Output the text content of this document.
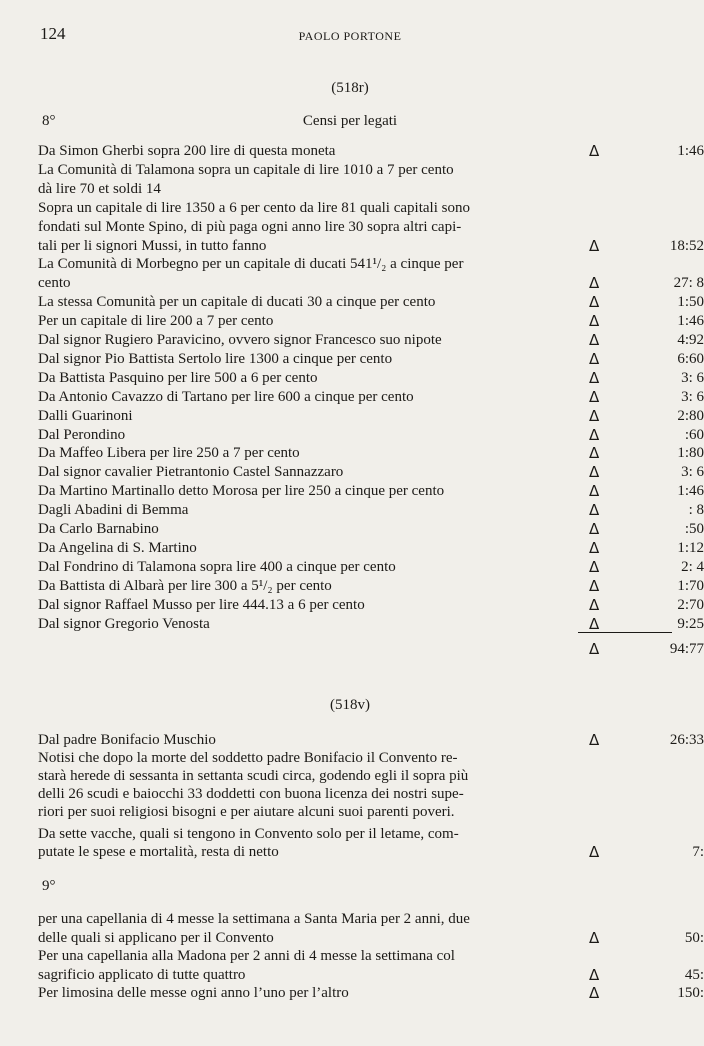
124	PAOLO PORTONE
(518r)
8°	Censi per legati
Da Simon Gherbi sopra 200 lire di questa moneta	Δ	1:46
La Comunità di Talamona sopra un capitale di lire 1010 a 7 per cento
dà lire 70 et soldi 14
Sopra un capitale di lire 1350 a 6 per cento da lire 81 quali capitali sono
fondati sul Monte Spino, di più paga ogni anno lire 30 sopra altri capi-
tali per li signori Mussi, in tutto fanno	Δ	18:52
La Comunità di Morbegno per un capitale di ducati 541¹/₂ a cinque per
cento	Δ	27: 8
La stessa Comunità per un capitale di ducati 30 a cinque per cento	Δ	1:50
Per un capitale di lire 200 a 7 per cento	Δ	1:46
Dal signor Rugiero Paravicino, ovvero signor Francesco suo nipote	Δ	4:92
Dal signor Pio Battista Sertolo lire 1300 a cinque per cento	Δ	6:60
Da Battista Pasquino per lire 500 a 6 per cento	Δ	3: 6
Da Antonio Cavazzo di Tartano per lire 600 a cinque per cento	Δ	3: 6
Dalli Guarinoni	Δ	2:80
Dal Perondino	Δ	:60
Da Maffeo Libera per lire 250 a 7 per cento	Δ	1:80
Dal signor cavalier Pietrantonio Castel Sannazzaro	Δ	3: 6
Da Martino Martinallo detto Morosa per lire 250 a cinque per cento	Δ	1:46
Dagli Abadini di Bemma	Δ	: 8
Da Carlo Barnabino	Δ	:50
Da Angelina di S. Martino	Δ	1:12
Dal Fondrino di Talamona sopra lire 400 a cinque per cento	Δ	2: 4
Da Battista di Albarà per lire 300 a 5¹/₂ per cento	Δ	1:70
Dal signor Raffael Musso per lire 444.13 a 6 per cento	Δ	2:70
Dal signor Gregorio Venosta	Δ	9:25
Δ	94:77
(518v)
Dal padre Bonifacio Muschio	Δ	26:33
Notisi che dopo la morte del soddetto padre Bonifacio il Convento re-
starà herede di sessanta in settanta scudi circa, godendo egli il sopra più
delli 26 scudi e baiocchi 33 doddetti con buona licenza dei nostri supe-
riori per suoi religiosi bisogni e per aiutare alcuni suoi parenti poveri.
Da sette vacche, quali si tengono in Convento solo per il letame, com-
putate le spese e mortalità, resta di netto	Δ	7:
9°
per una capellania di 4 messe la settimana a Santa Maria per 2 anni, due
delle quali si applicano per il Convento	Δ	50:
Per una capellania alla Madona per 2 anni di 4 messe la settimana col
sagrificio applicato di tutte quattro	Δ	45:
Per limosina delle messe ogni anno l’uno per l’altro	Δ	150:
